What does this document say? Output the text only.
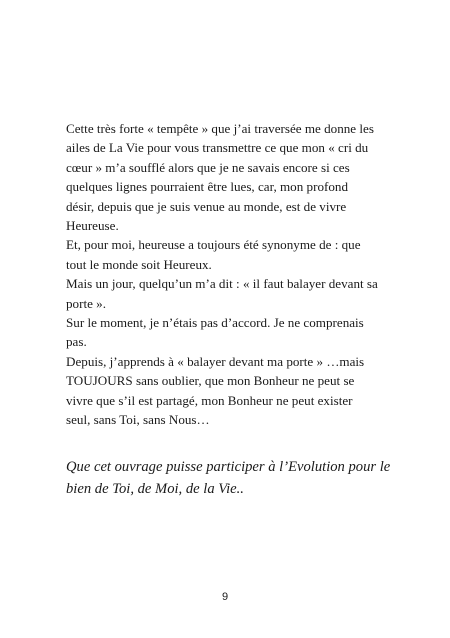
Cette très forte « tempête » que j’ai traversée me donne les
ailes de La Vie pour vous transmettre ce que mon « cri du
cœur » m’a soufflé alors que je ne savais encore si ces
quelques lignes pourraient être lues, car, mon profond
désir, depuis que je suis venue au monde, est de vivre
Heureuse.
Et, pour moi, heureuse a toujours été synonyme de : que
tout le monde soit Heureux.
Mais un jour, quelqu’un m’a dit : « il faut balayer devant sa
porte ».
Sur le moment, je n’étais pas d’accord. Je ne comprenais
pas.
Depuis, j’apprends à « balayer devant ma porte » …mais
TOUJOURS sans oublier, que mon Bonheur ne peut se
vivre que s’il est partagé, mon Bonheur ne peut exister
seul, sans Toi, sans Nous…
Que cet ouvrage puisse participer à l’Evolution pour le
bien de Toi, de Moi, de la Vie..
9
